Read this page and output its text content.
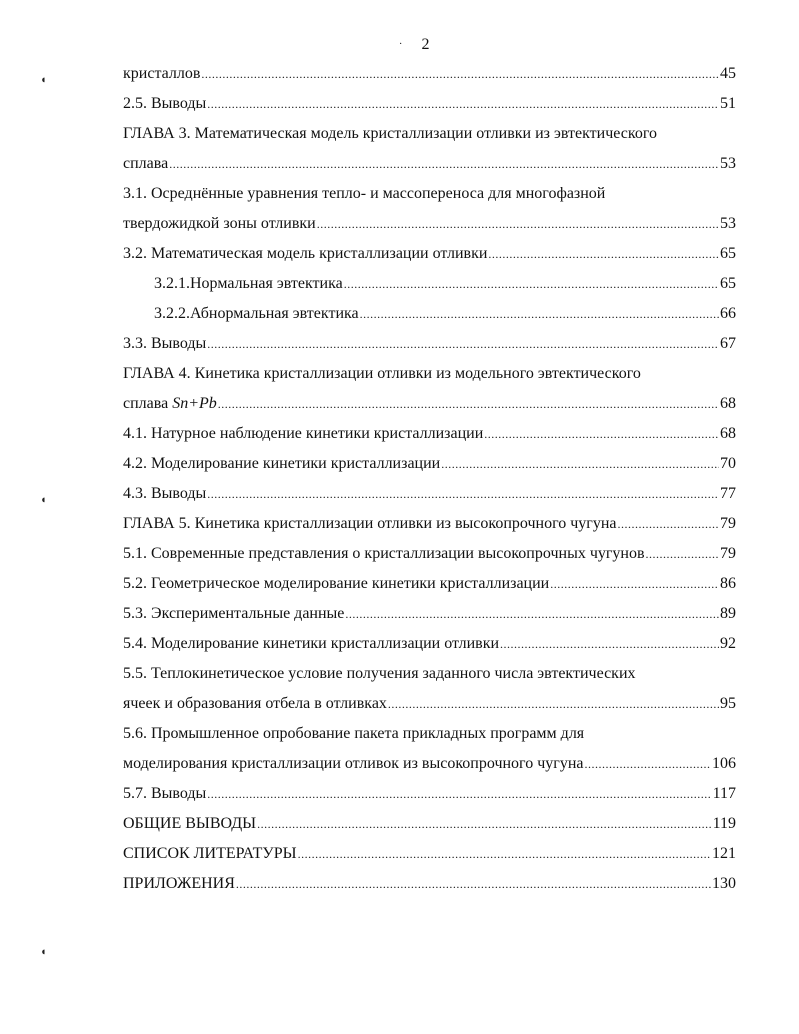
· 2
◖
◖
◖
кристаллов .....	45
2.5. Выводы .....	51
ГЛАВА 3. Математическая модель кристаллизации отливки из эвтектического
сплава .....	53
3.1. Осреднённые уравнения тепло- и массопереноса для многофазной
твердожидкой зоны отливки .....	53
3.2. Математическая модель кристаллизации отливки .....	65
3.2.1.Нормальная эвтектика .....	65
3.2.2.Абнормальная эвтектика .....	66
3.3. Выводы .....	67
ГЛАВА 4. Кинетика кристаллизации отливки из модельного эвтектического
сплава Sn+Pb .....	68
4.1. Натурное наблюдение кинетики кристаллизации .....	68
4.2. Моделирование кинетики кристаллизации .....	70
4.3. Выводы .....	77
ГЛАВА 5. Кинетика кристаллизации отливки из высокопрочного чугуна .....	79
5.1. Современные представления о кристаллизации высокопрочных чугунов .....	79
5.2. Геометрическое моделирование кинетики кристаллизации .....	86
5.3. Экспериментальные данные .....	89
5.4. Моделирование кинетики кристаллизации отливки .....	92
5.5. Теплокинетическое условие получения заданного числа эвтектических
ячеек и образования отбела в отливках .....	95
5.6. Промышленное опробование пакета прикладных программ для
моделирования кристаллизации отливок из высокопрочного чугуна .....	106
5.7. Выводы .....	117
ОБЩИЕ ВЫВОДЫ .....	119
СПИСОК ЛИТЕРАТУРЫ .....	121
ПРИЛОЖЕНИЯ .....	130
